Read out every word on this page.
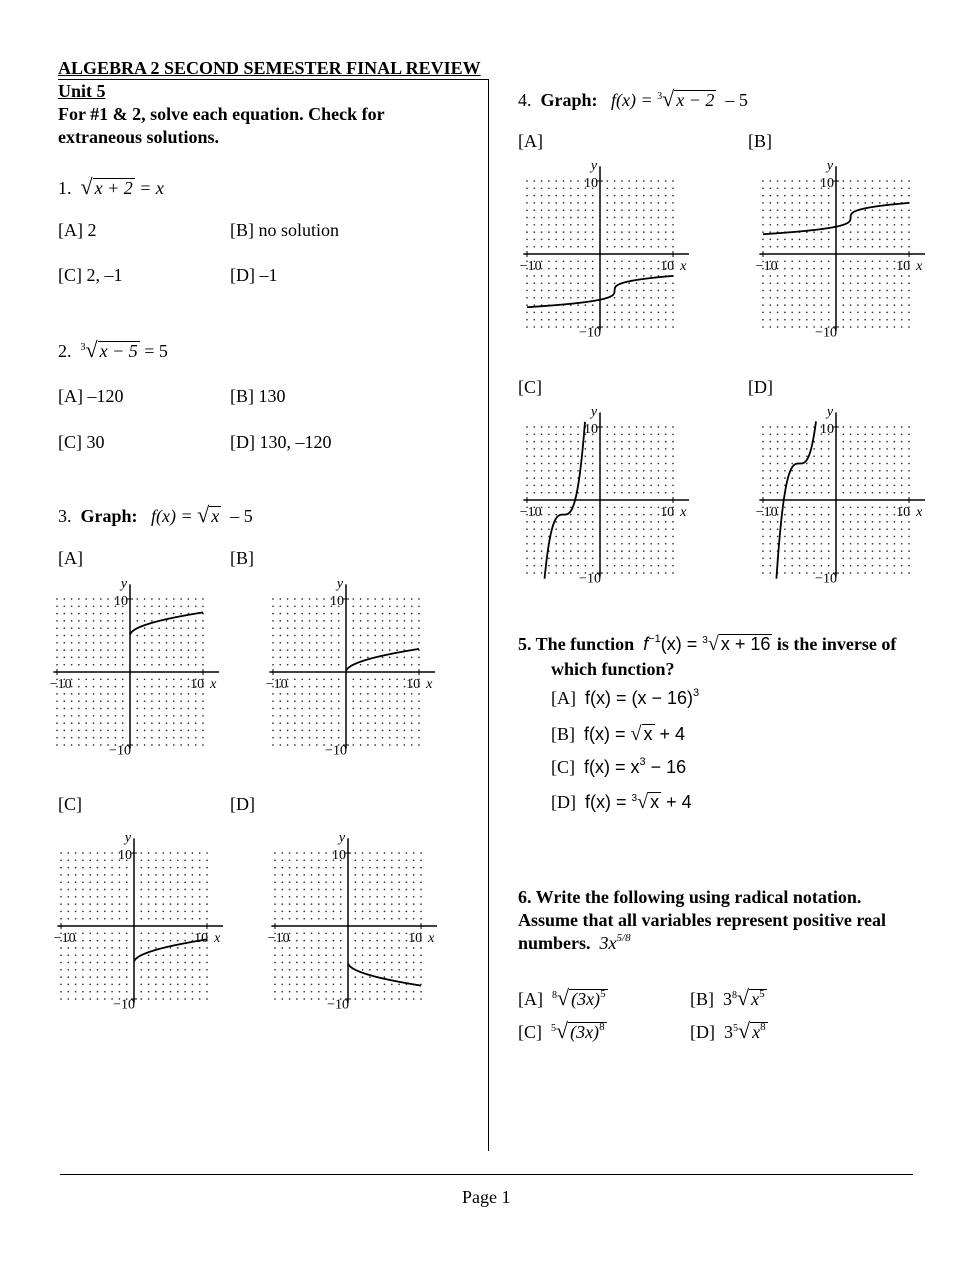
ALGEBRA 2 SECOND SEMESTER FINAL REVIEW
Unit 5
For #1 & 2, solve each equation. Check for
extraneous solutions.
Page 1
1. √ x + 2 = x
[A] 2	[B] no solution
[C] 2, –1	[D] –1
2. $^3$√ x − 5 = 5
[A] –120	[B] 130
[C] 30	[D] 130, –120
3. Graph: f(x) = √ x – 5
[A]	[B]
[C]	[D]
4. Graph: f(x) = $^3$√ x − 2 – 5
[A]	[B]
[C]	[D]
y
10
−10	10 x
−10
y
10
−10	10 x
−10
y
10
−10	10 x
−10
y
10
−10	10 x
−10
y
10
−10	10 x
−10
y
10
−10	10 x
−10
y
10
−10	10 x
−10
y
10
−10	10 x
−10
5. The function $f^{-1}(x) = ^3√$ x + 16 is the inverse of
which function?
[A] $f(x) = (x - 16)^3$
[B] f(x) = √ x + 4
[C] $f(x) = x^3 - 16$
[D] f(x) = $^3$√ x + 4
6. Write the following using radical notation.
Assume that all variables represent positive real
numbers. $3x^{5/8}$
[A] $^8$√ $(3x)^5$	[B] $3^8√$ $x^5$
[C] $^5$√ $(3x)^8$	[D] $3^5√$ $x^8$
